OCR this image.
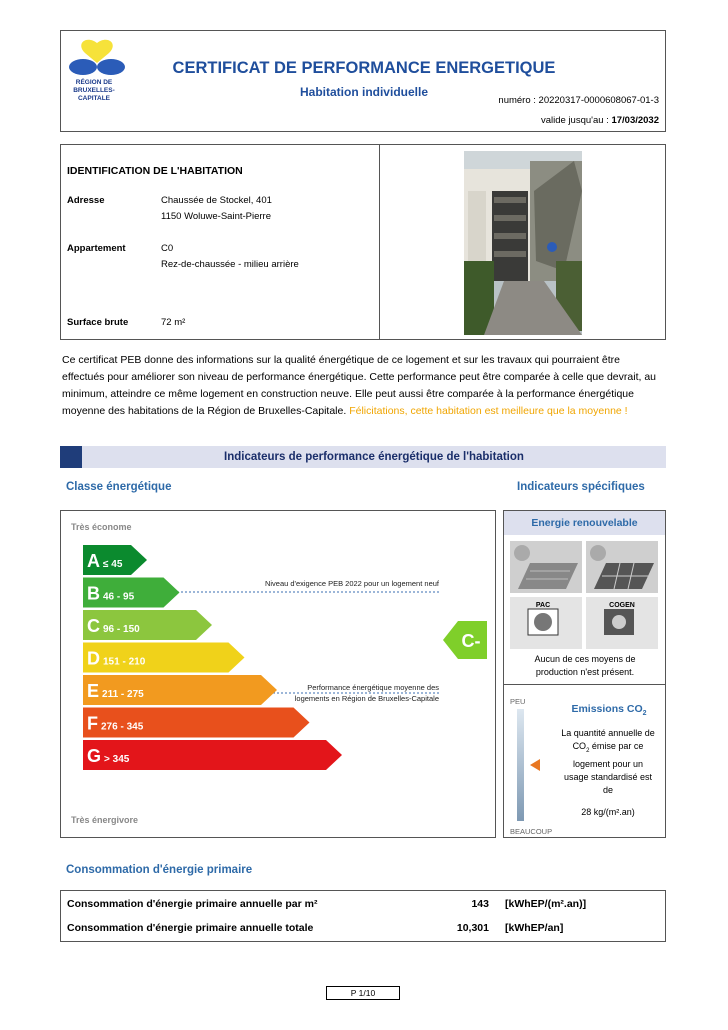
RÉGION DE BRUXELLES-CAPITALE
CERTIFICAT DE PERFORMANCE ENERGETIQUE
Habitation individuelle
numéro : 20220317-0000608067-01-3
valide jusqu'au : 17/03/2032
IDENTIFICATION DE L'HABITATION
Adresse	Chaussée de Stockel, 401
1150 Woluwe-Saint-Pierre
Appartement	C0
Rez-de-chaussée - milieu arrière
Surface brute	72 m²
Ce certificat PEB donne des informations sur la qualité énergétique de ce logement et sur les travaux qui pourraient être effectués pour améliorer son niveau de performance énergétique. Cette performance peut être comparée à celle que devrait, au minimum, atteindre ce même logement en construction neuve. Elle peut aussi être comparée à la performance énergétique moyenne des habitations de la Région de Bruxelles-Capitale. Félicitations, cette habitation est meilleure que la moyenne !
Indicateurs de performance énergétique de l'habitation
Classe énergétique	Indicateurs spécifiques
Très économe
Très énergivore
A ≤ 45
B 46 - 95
C 96 - 150
D 151 - 210
E 211 - 275
F 276 - 345
G > 345
C-
Niveau d'exigence PEB 2022 pour un logement neuf
Performance énergétique moyenne des
logements en Région de Bruxelles-Capitale
Energie renouvelable
PAC	COGEN
Aucun de ces moyens de production n'est présent.
PEU
BEAUCOUP
Emissions $CO_2$
La quantité annuelle de
$CO_2$ émise par ce
logement pour un
usage standardisé est
de
28 kg/(m².an)
Consommation d'énergie primaire
Consommation d'énergie primaire annuelle par m²	143 [kWhEP/(m².an)]
Consommation d'énergie primaire annuelle totale	10,301 [kWhEP/an]
P 1/10
